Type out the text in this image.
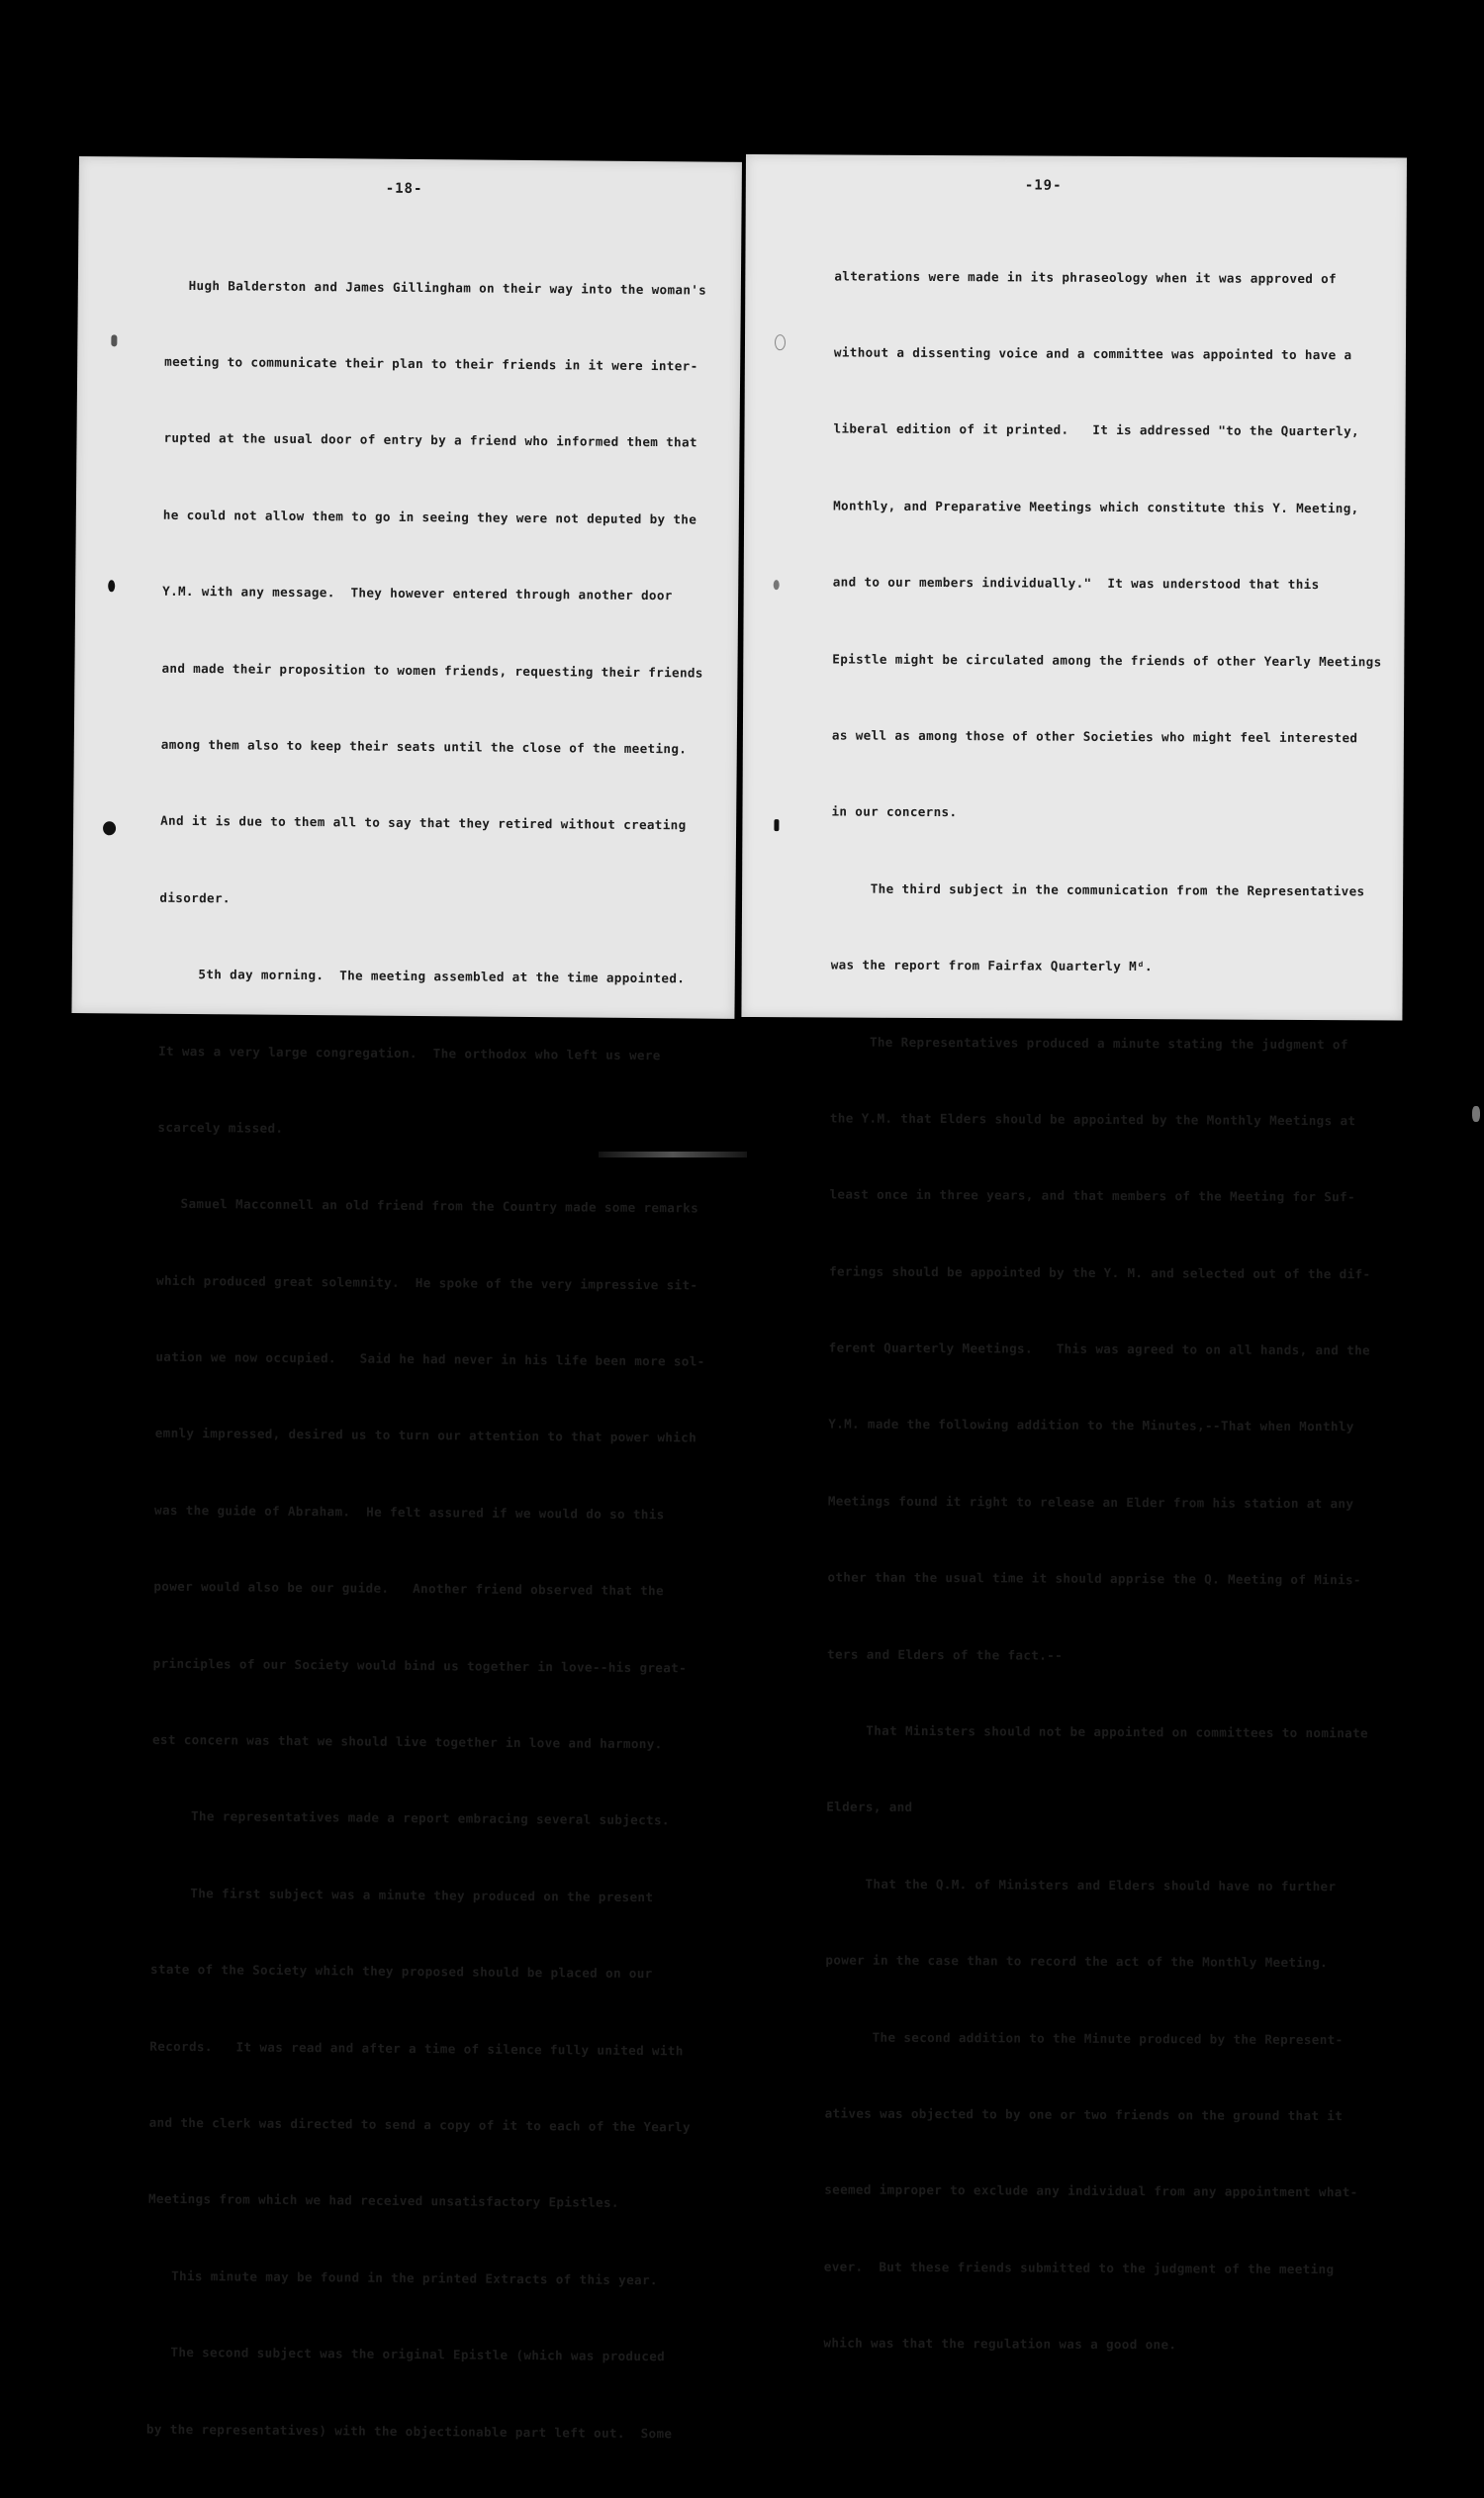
-18-

Hugh Balderston and James Gillingham on their way into the woman's

meeting to communicate their plan to their friends in it were inter-

rupted at the usual door of entry by a friend who informed them that

he could not allow them to go in seeing they were not deputed by the

Y.M. with any message.  They however entered through another door

and made their proposition to women friends, requesting their friends

among them also to keep their seats until the close of the meeting.

And it is due to them all to say that they retired without creating

disorder.

5th day morning.  The meeting assembled at the time appointed.

It was a very large congregation.  The orthodox who left us were

scarcely missed.

Samuel Macconnell an old friend from the Country made some remarks

which produced great solemnity.  He spoke of the very impressive sit-

uation we now occupied.   Said he had never in his life been more sol-

emnly impressed, desired us to turn our attention to that power which

was the guide of Abraham.  He felt assured if we would do so this

power would also be our guide.   Another friend observed that the

principles of our Society would bind us together in love--his great-

est concern was that we should live together in love and harmony.

The representatives made a report embracing several subjects.

The first subject was a minute they produced on the present

state of the Society which they proposed should be placed on our

Records.   It was read and after a time of silence fully united with

and the clerk was directed to send a copy of it to each of the Yearly

Meetings from which we had received unsatisfactory Epistles.

This minute may be found in the printed Extracts of this year.

The second subject was the original Epistle (which was produced

by the representatives) with the objectionable part left out.  Some

-19-

alterations were made in its phraseology when it was approved of

without a dissenting voice and a committee was appointed to have a

liberal edition of it printed.   It is addressed "to the Quarterly,

Monthly, and Preparative Meetings which constitute this Y. Meeting,

and to our members individually."  It was understood that this

Epistle might be circulated among the friends of other Yearly Meetings

as well as among those of other Societies who might feel interested

in our concerns.

The third subject in the communication from the Representatives

was the report from Fairfax Quarterly Mᵈ.

The Representatives produced a minute stating the judgment of

the Y.M. that Elders should be appointed by the Monthly Meetings at

least once in three years, and that members of the Meeting for Suf-

ferings should be appointed by the Y. M. and selected out of the dif-

ferent Quarterly Meetings.   This was agreed to on all hands, and the

Y.M. made the following addition to the Minutes,--That when Monthly

Meetings found it right to release an Elder from his station at any

other than the usual time it should apprise the Q. Meeting of Minis-

ters and Elders of the fact.--

That Ministers should not be appointed on committees to nominate

Elders, and

That the Q.M. of Ministers and Elders should have no further

power in the case than to record the act of the Monthly Meeting.

The second addition to the Minute produced by the Represent-

atives was objected to by one or two friends on the ground that it

seemed improper to exclude any individual from any appointment what-

ever.  But these friends submitted to the judgment of the meeting

which was that the regulation was a good one.
